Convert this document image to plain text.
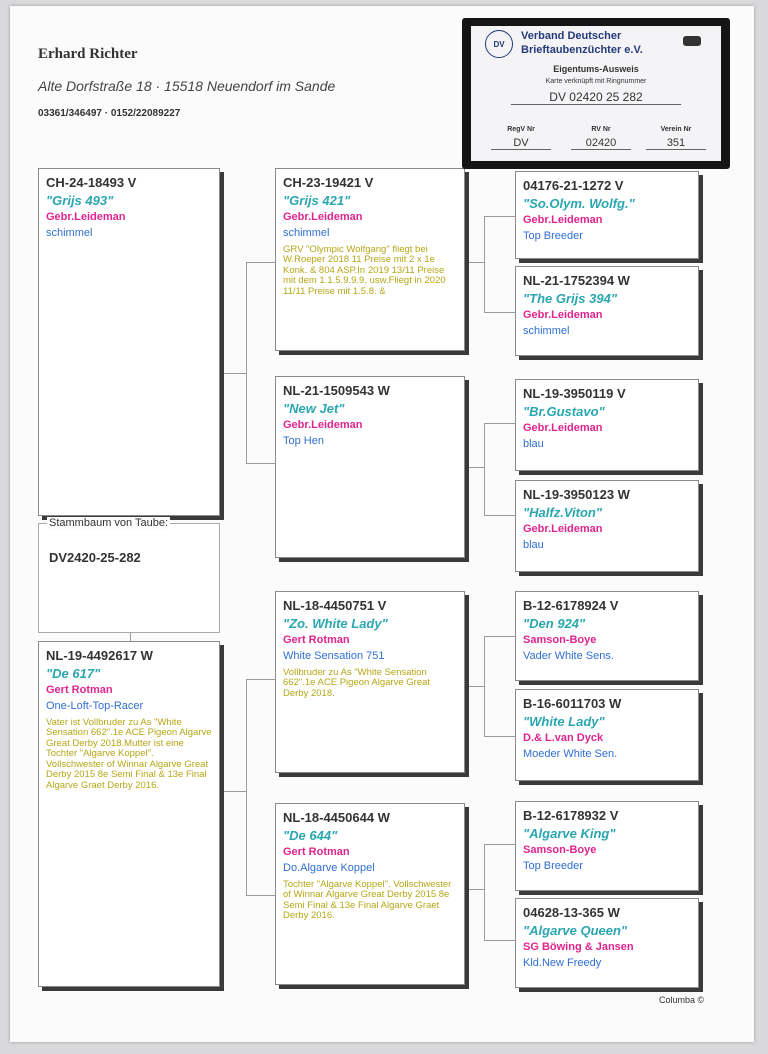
Erhard Richter
Alte Dorfstraße 18 · 15518 Neuendorf im Sande
03361/346497 · 0152/22089227
CH-24-18493 V
"Grijs 493"
Gebr.Leideman
schimmel
Stammbaum von Taube:
DV2420-25-282
NL-19-4492617 W
"De 617"
Gert Rotman
One-Loft-Top-Racer
Vater ist Vollbruder zu As "White Sensation 662".1e ACE Pigeon Algarve Great Derby 2018.Mutter ist eine Tochter "Algarve Koppel". Vollschwester of Winnar Algarve Great Derby 2015 8e Semi Final & 13e Final Algarve Graet Derby 2016.
CH-23-19421 V
"Grijs 421"
Gebr.Leideman
schimmel
GRV "Olympic Wolfgang" fliegt bei W.Roeper 2018 11 Preise mit 2 x 1e Konk. & 804 ASP.In 2019 13/11 Preise mit dem 1.1.5.9.9.9. usw.Fliegt in 2020 11/11 Preise mit 1.5.8. &
NL-21-1509543 W
"New Jet"
Gebr.Leideman
Top Hen
NL-18-4450751 V
"Zo. White Lady"
Gert Rotman
White Sensation 751
Vollbruder zu As "White Sensation 662".1e ACE Pigeon Algarve Great Derby 2018.
NL-18-4450644 W
"De 644"
Gert Rotman
Do.Algarve Koppel
Tochter "Algarve Koppel". Vollschwester of Winnar Algarve Great Derby 2015 8e Semi Final & 13e Final Algarve Graet Derby 2016.
04176-21-1272 V
"So.Olym. Wolfg."
Gebr.Leideman
Top Breeder
NL-21-1752394 W
"The Grijs 394"
Gebr.Leideman
schimmel
NL-19-3950119 V
"Br.Gustavo"
Gebr.Leideman
blau
NL-19-3950123 W
"Halfz.Viton"
Gebr.Leideman
blau
B-12-6178924 V
"Den 924"
Samson-Boye
Vader White Sens.
B-16-6011703 W
"White Lady"
D.& L.van Dyck
Moeder White Sen.
B-12-6178932 V
"Algarve King"
Samson-Boye
Top Breeder
04628-13-365 W
"Algarve Queen"
SG Böwing & Jansen
Kld.New Freedy
Columba ©
DV
Verband Deutscher
Brieftaubenzüchter e.V.
Eigentums-Ausweis
Karte verknüpft mit Ringnummer
DV 02420 25 282
RegV Nr
DV
RV Nr
02420
Verein Nr
351
